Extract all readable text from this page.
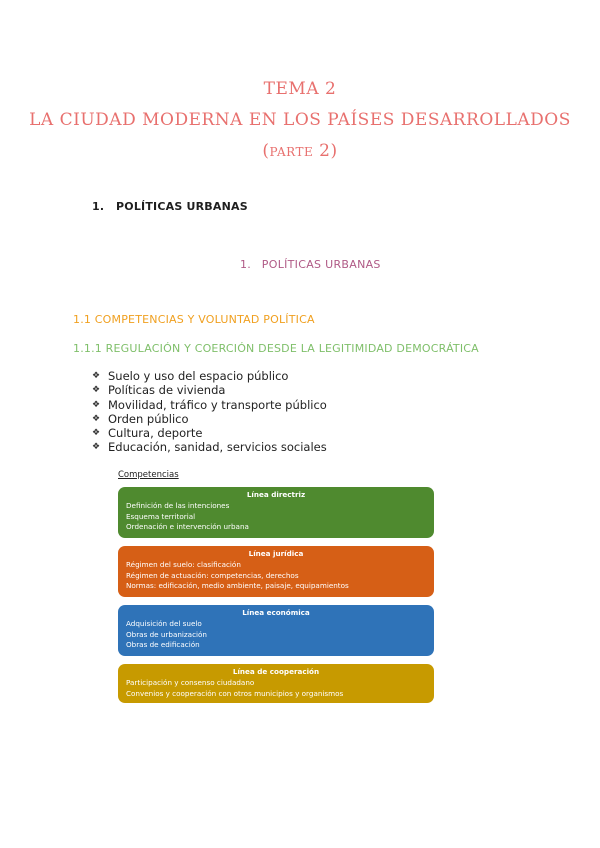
TEMA 2
LA CIUDAD MODERNA EN LOS PAÍSES DESARROLLADOS
(parte 2)
1. POLÍTICAS URBANAS
1. POLÍTICAS URBANAS
1.1 COMPETENCIAS Y VOLUNTAD POLÍTICA
1.1.1 REGULACIÓN Y COERCIÓN DESDE LA LEGITIMIDAD DEMOCRÁTICA
❖ Suelo y uso del espacio público
❖ Políticas de vivienda
❖ Movilidad, tráfico y transporte público
❖ Orden público
❖ Cultura, deporte
❖ Educación, sanidad, servicios sociales
Competencias
Línea directriz
Definición de las intenciones
Esquema territorial
Ordenación e intervención urbana
Línea jurídica
Régimen del suelo: clasificación
Régimen de actuación: competencias, derechos
Normas: edificación, medio ambiente, paisaje, equipamientos
Línea económica
Adquisición del suelo
Obras de urbanización
Obras de edificación
Línea de cooperación
Participación y consenso ciudadano
Convenios y cooperación con otros municipios y organismos
